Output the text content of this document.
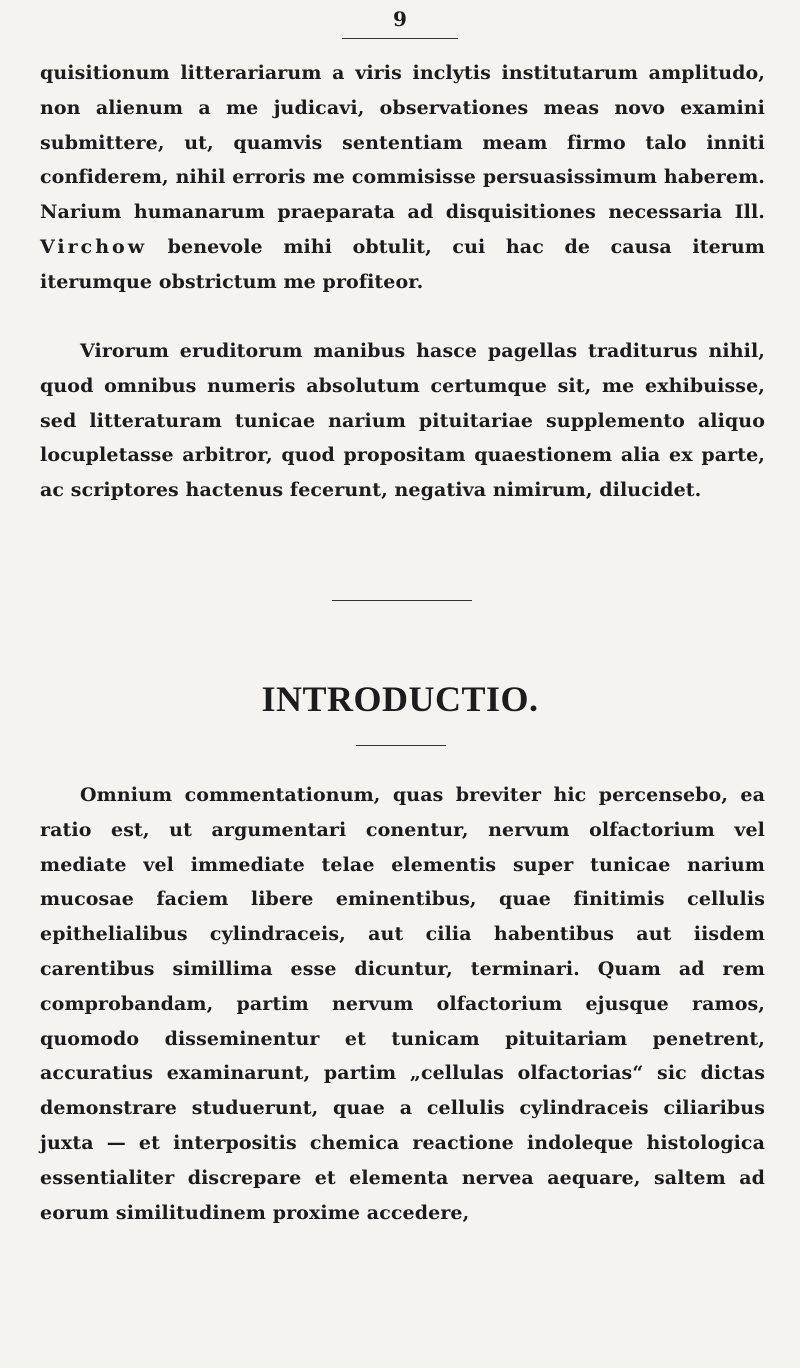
9

quisitionum litterariarum a viris inclytis institutarum amplitudo, non alienum a me judicavi, observationes meas novo examini submittere, ut, quamvis sententiam meam firmo talo inniti confiderem, nihil erroris me commisisse persuasissimum haberem. Narium humanarum praeparata ad disquisitiones necessaria Ill. Virchow benevole mihi obtulit, cui hac de causa iterum iterumque obstrictum me profiteor.

Virorum eruditorum manibus hasce pagellas traditurus nihil, quod omnibus numeris absolutum certumque sit, me exhibuisse, sed litteraturam tunicae narium pituitariae supplemento aliquo locupletasse arbitror, quod propositam quaestionem alia ex parte, ac scriptores hactenus fecerunt, negativa nimirum, dilucidet.

INTRODUCTIO.

Omnium commentationum, quas breviter hic percensebo, ea ratio est, ut argumentari conentur, nervum olfactorium vel mediate vel immediate telae elementis super tunicae narium mucosae faciem libere eminentibus, quae finitimis cellulis epithelialibus cylindraceis, aut cilia habentibus aut iisdem carentibus simillima esse dicuntur, terminari. Quam ad rem comprobandam, partim nervum olfactorium ejusque ramos, quomodo disseminentur et tunicam pituitariam penetrent, accuratius examinarunt, partim „cellulas olfactorias“ sic dictas demonstrare studuerunt, quae a cellulis cylindraceis ciliaribus juxta — et interpositis chemica reactione indoleque histologica essentialiter discrepare et elementa nervea aequare, saltem ad eorum similitudinem proxime accedere,
